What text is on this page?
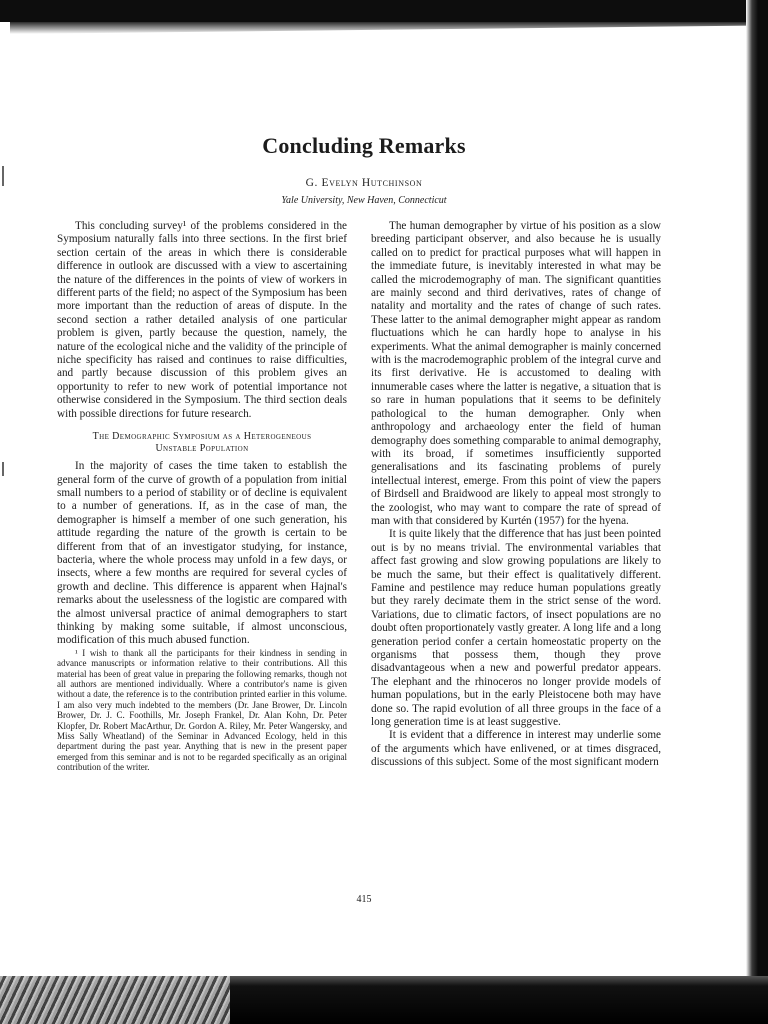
Concluding Remarks
G. Evelyn Hutchinson
Yale University, New Haven, Connecticut

This concluding survey¹ of the problems considered in the Symposium naturally falls into three sections. In the first brief section certain of the areas in which there is considerable difference in outlook are discussed with a view to ascertaining the nature of the differences in the points of view of workers in different parts of the field; no aspect of the Symposium has been more important than the reduction of areas of dispute. In the second section a rather detailed analysis of one particular problem is given, partly because the question, namely, the nature of the ecological niche and the validity of the principle of niche specificity has raised and continues to raise difficulties, and partly because discussion of this problem gives an opportunity to refer to new work of potential importance not otherwise considered in the Symposium. The third section deals with possible directions for future research.

The Demographic Symposium as a Heterogeneous Unstable Population

In the majority of cases the time taken to establish the general form of the curve of growth of a population from initial small numbers to a period of stability or of decline is equivalent to a number of generations. If, as in the case of man, the demographer is himself a member of one such generation, his attitude regarding the nature of the growth is certain to be different from that of an investigator studying, for instance, bacteria, where the whole process may unfold in a few days, or insects, where a few months are required for several cycles of growth and decline. This difference is apparent when Hajnal's remarks about the uselessness of the logistic are compared with the almost universal practice of animal demographers to start thinking by making some suitable, if almost unconscious, modification of this much abused function.

¹ I wish to thank all the participants for their kindness in sending in advance manuscripts or information relative to their contributions. All this material has been of great value in preparing the following remarks, though not all authors are mentioned individually. Where a contributor's name is given without a date, the reference is to the contribution printed earlier in this volume. I am also very much indebted to the members (Dr. Jane Brower, Dr. Lincoln Brower, Dr. J. C. Foothills, Mr. Joseph Frankel, Dr. Alan Kohn, Dr. Peter Klopfer, Dr. Robert MacArthur, Dr. Gordon A. Riley, Mr. Peter Wangersky, and Miss Sally Wheatland) of the Seminar in Advanced Ecology, held in this department during the past year. Anything that is new in the present paper emerged from this seminar and is not to be regarded specifically as an original contribution of the writer.

The human demographer by virtue of his position as a slow breeding participant observer, and also because he is usually called on to predict for practical purposes what will happen in the immediate future, is inevitably interested in what may be called the microdemography of man. The significant quantities are mainly second and third derivatives, rates of change of natality and mortality and the rates of change of such rates. These latter to the animal demographer might appear as random fluctuations which he can hardly hope to analyse in his experiments. What the animal demographer is mainly concerned with is the macrodemographic problem of the integral curve and its first derivative. He is accustomed to dealing with innumerable cases where the latter is negative, a situation that is so rare in human populations that it seems to be definitely pathological to the human demographer. Only when anthropology and archaeology enter the field of human demography does something comparable to animal demography, with its broad, if sometimes insufficiently supported generalisations and its fascinating problems of purely intellectual interest, emerge. From this point of view the papers of Birdsell and Braidwood are likely to appeal most strongly to the zoologist, who may want to compare the rate of spread of man with that considered by Kurtén (1957) for the hyena.

It is quite likely that the difference that has just been pointed out is by no means trivial. The environmental variables that affect fast growing and slow growing populations are likely to be much the same, but their effect is qualitatively different. Famine and pestilence may reduce human populations greatly but they rarely decimate them in the strict sense of the word. Variations, due to climatic factors, of insect populations are no doubt often proportionately vastly greater. A long life and a long generation period confer a certain homeostatic property on the organisms that possess them, though they prove disadvantageous when a new and powerful predator appears. The elephant and the rhinoceros no longer provide models of human populations, but in the early Pleistocene both may have done so. The rapid evolution of all three groups in the face of a long generation time is at least suggestive.

It is evident that a difference in interest may underlie some of the arguments which have enlivened, or at times disgraced, discussions of this subject. Some of the most significant modern

415
